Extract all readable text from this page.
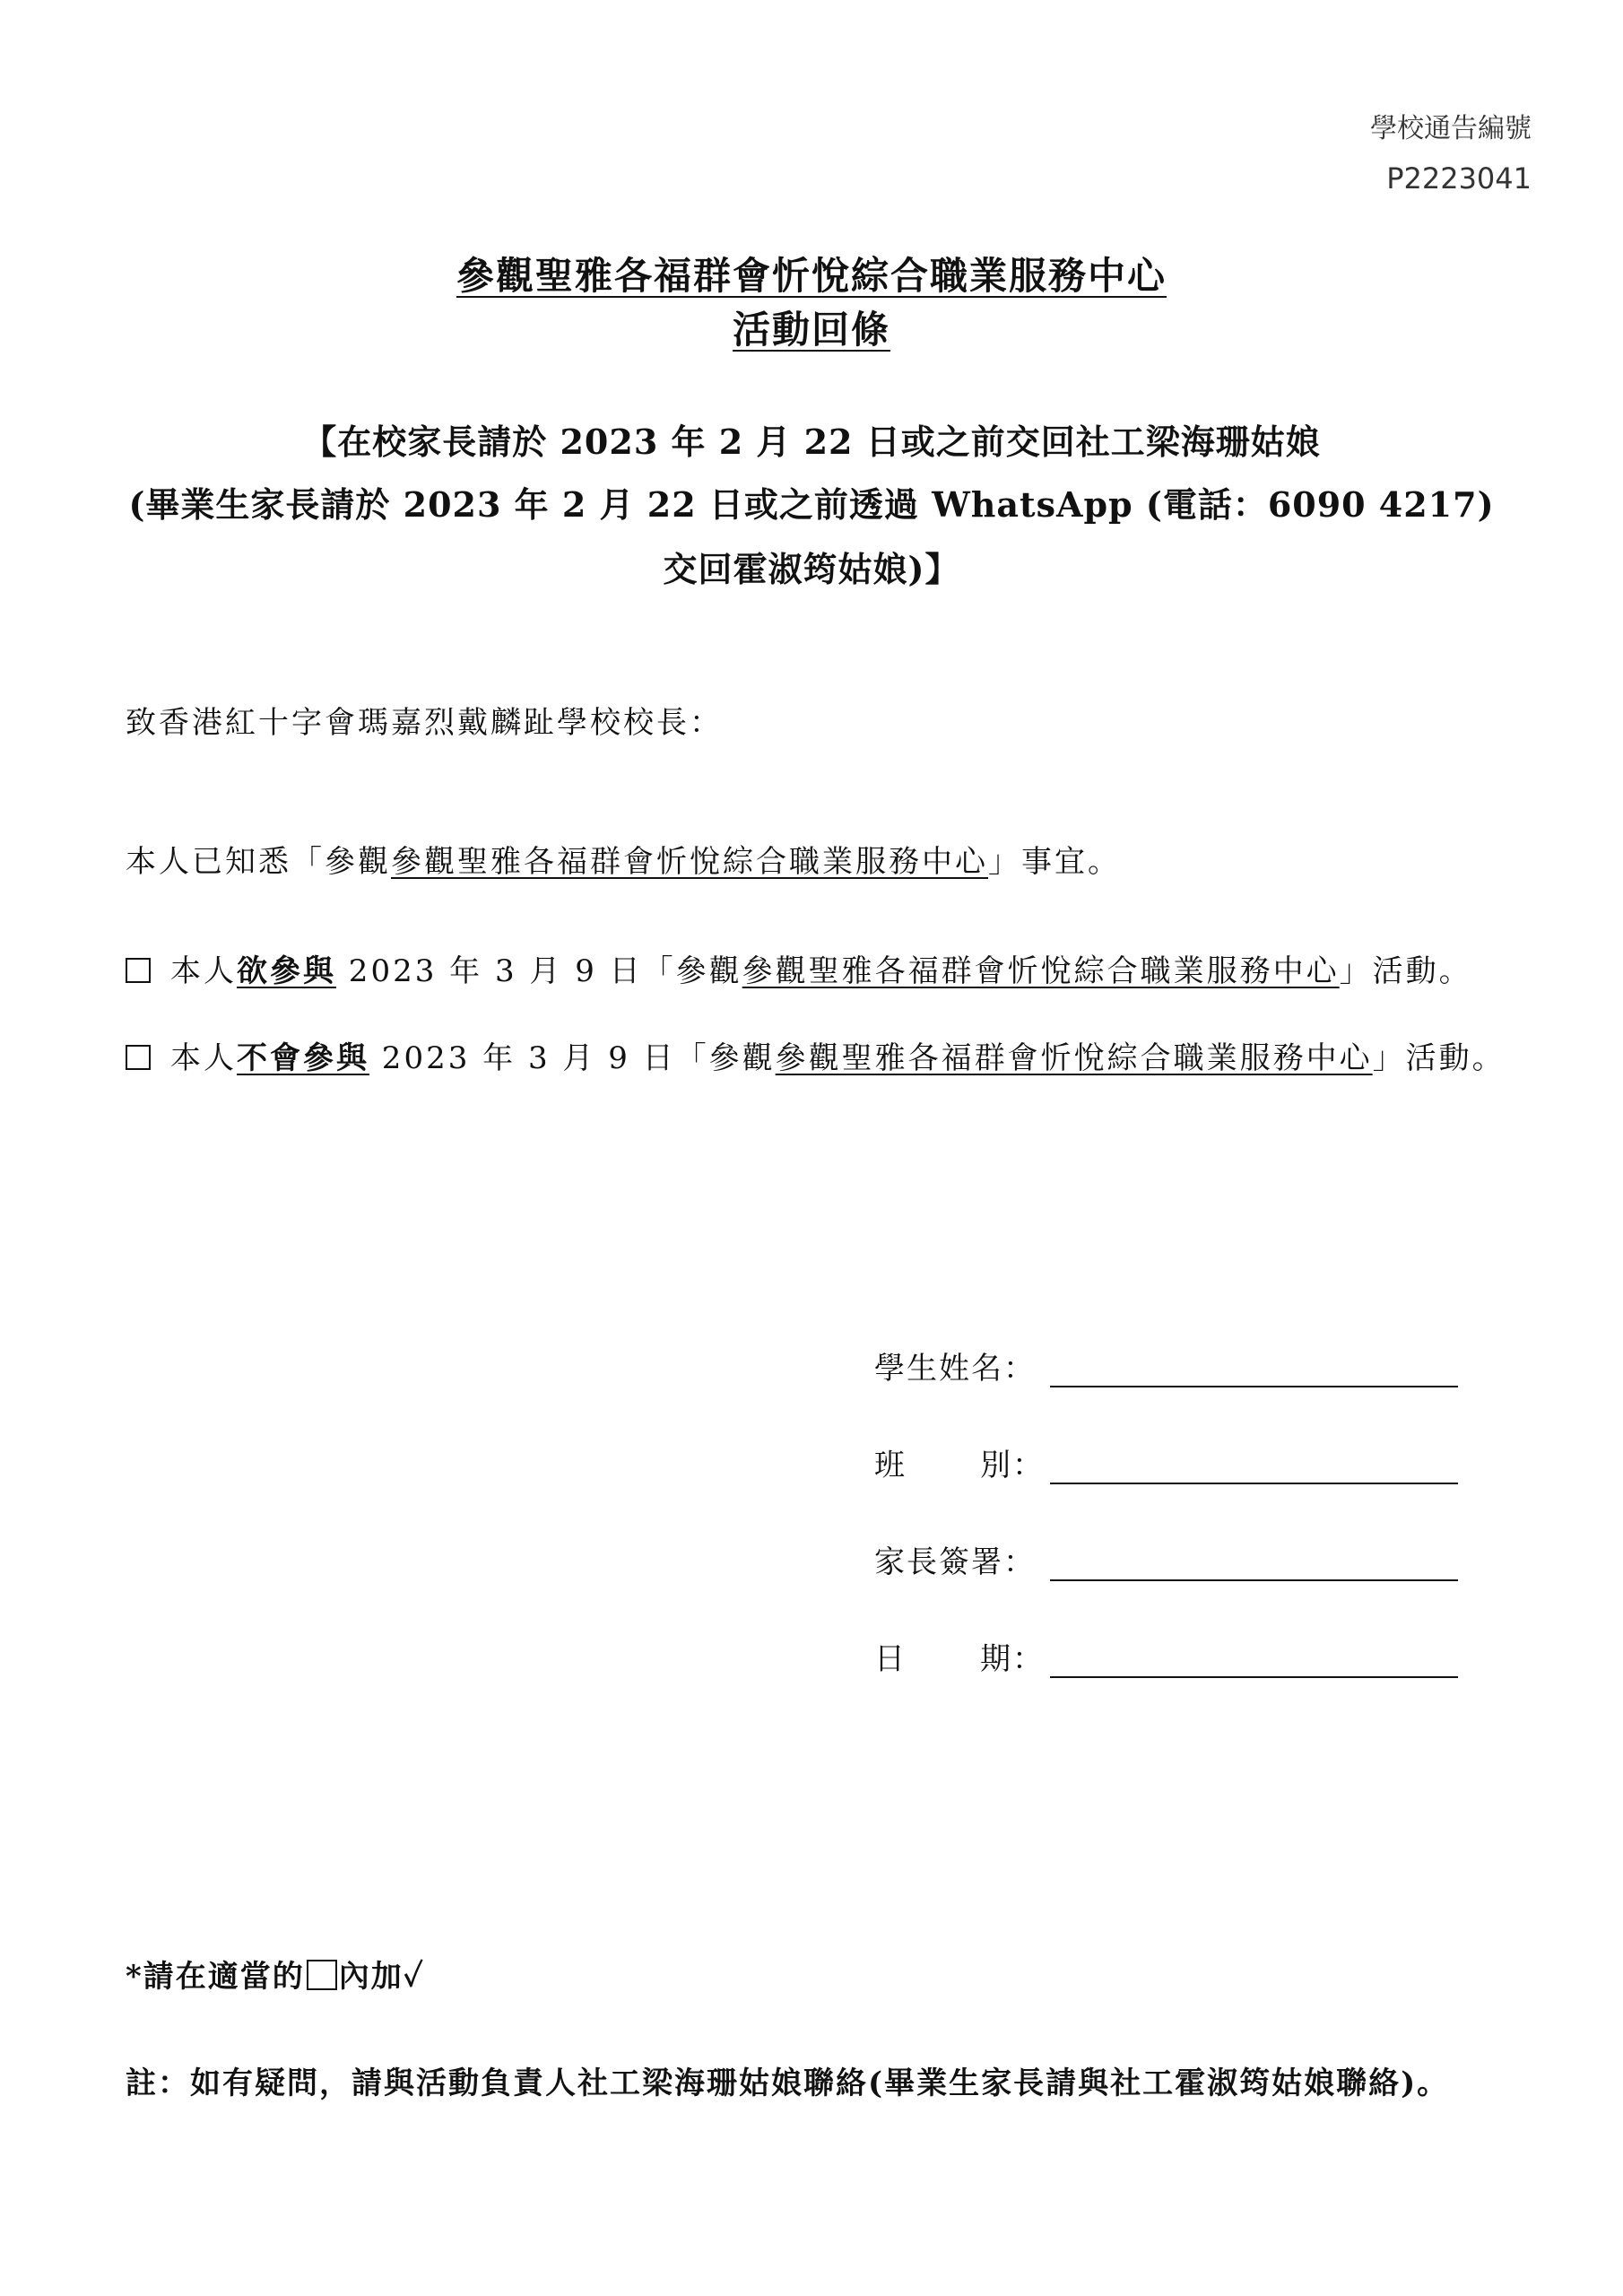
學校通告編號
P2223041
參觀聖雅各福群會忻悅綜合職業服務中心
活動回條
【在校家長請於 2023 年 2 月 22 日或之前交回社工梁海珊姑娘
(畢業生家長請於 2023 年 2 月 22 日或之前透過 WhatsApp (電話：6090 4217)
交回霍淑筠姑娘)】
致香港紅十字會瑪嘉烈戴麟趾學校校長：
本人已知悉「參觀參觀聖雅各福群會忻悅綜合職業服務中心」事宜。
本人欲參與 2023 年 3 月 9 日「參觀參觀聖雅各福群會忻悅綜合職業服務中心」活動。
本人不會參與 2023 年 3 月 9 日「參觀參觀聖雅各福群會忻悅綜合職業服務中心」活動。
學生姓名：
班 別：
家長簽署：
日 期：
*請在適當的 內加✓
註：如有疑問，請與活動負責人社工梁海珊姑娘聯絡(畢業生家長請與社工霍淑筠姑娘聯絡)。
